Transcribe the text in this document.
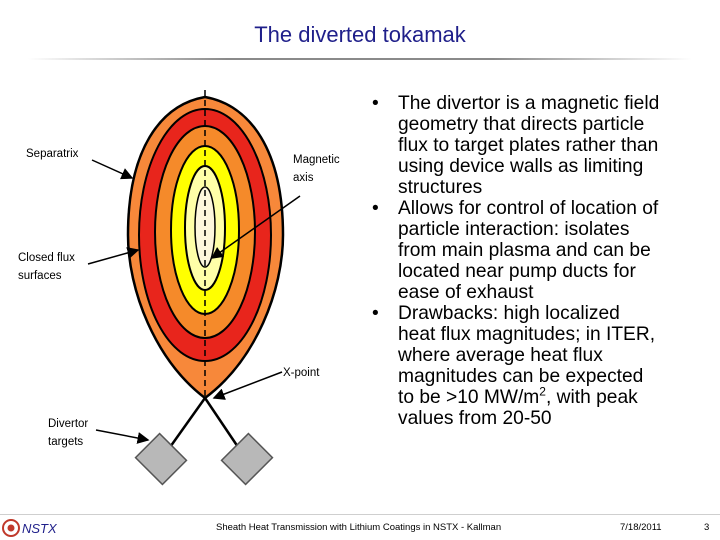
The diverted tokamak
Separatrix	Magnetic
axis
Closed flux
surfaces
X-point
Divertor
targets
• The divertor is a magnetic field
geometry that directs particle
flux to target plates rather than
using device walls as limiting
structures
• Allows for control of location of
particle interaction: isolates
from main plasma and can be
located near pump ducts for
ease of exhaust
• Drawbacks: high localized
heat flux magnitudes; in ITER,
where average heat flux
magnitudes can be expected
to be >10 $MW/m^2$, with peak
values from 20-50
NSTX	Sheath Heat Transmission with Lithium Coatings in NSTX - Kallman	7/18/2011	3
